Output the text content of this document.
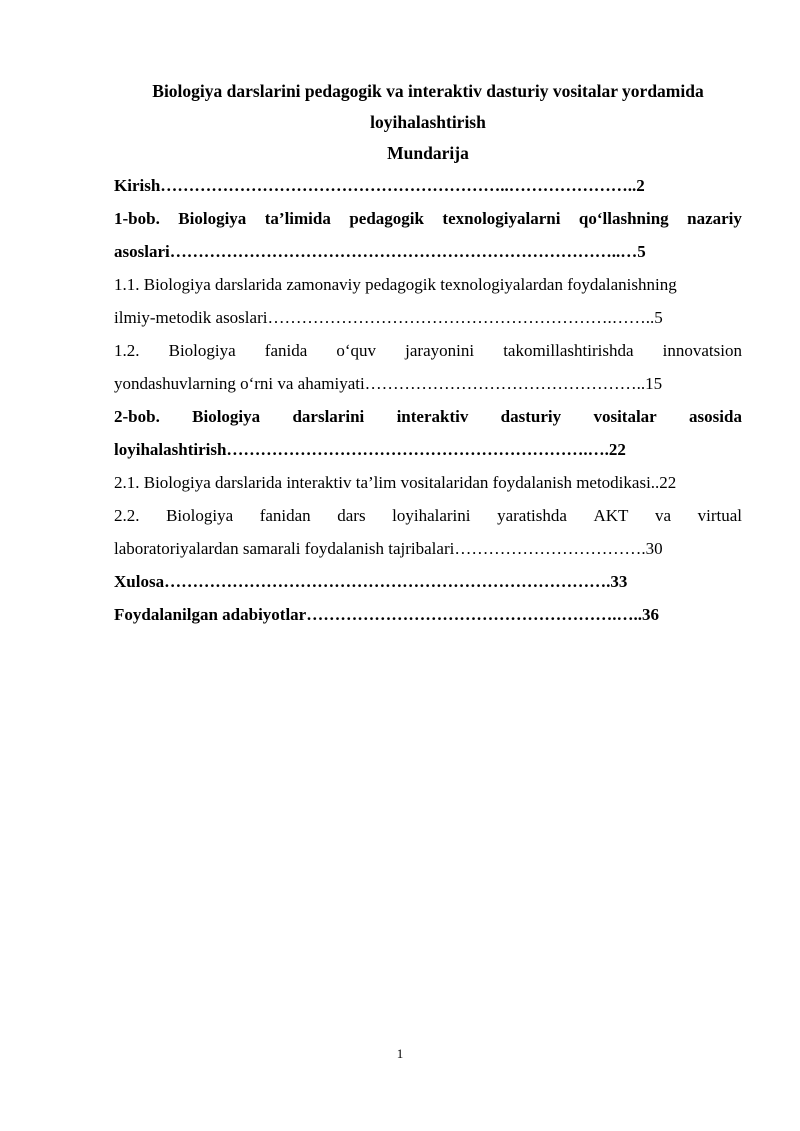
Biologiya darslarini pedagogik va interaktiv dasturiy vositalar yordamida

loyihalashtirish

Mundarija

Kirish……………………………………………………..…………………..2
1-bob. Biologiya ta’limida pedagogik texnologiyalarni qo‘llashning nazariy
asoslari……………………………………………………………………..…5
1.1. Biologiya darslarida zamonaviy pedagogik texnologiyalardan foydalanishning
ilmiy-metodik asoslari…………………………………………………….……..5
1.2. Biologiya fanida o‘quv jarayonini takomillashtirishda innovatsion
yondashuvlarning o‘rni va ahamiyati…………………………………………..15
2-bob. Biologiya darslarini interaktiv dasturiy vositalar asosida
loyihalashtirish……………………………………………………….….22
2.1. Biologiya darslarida interaktiv ta’lim vositalaridan foydalanish metodikasi..22
2.2. Biologiya fanidan dars loyihalarini yaratishda AKT va virtual
laboratoriyalardan samarali foydalanish tajribalari…………………………….30
Xulosa…………………………………………………………………….33
Foydalanilgan adabiyotlar……………………………………………….…..36
1
